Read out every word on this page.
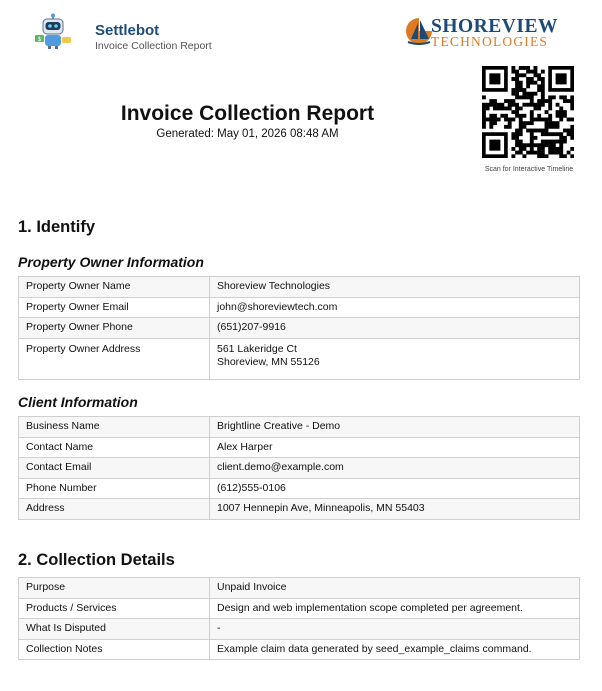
$
Settlebot
Invoice Collection Report
SHOREVIEW
TECHNOLOGIES
Invoice Collection Report
Generated: May 01, 2026 08:48 AM
Scan for Interactive Timeline
1. Identify
Property Owner Information
Property Owner Name	Shoreview Technologies
Property Owner Email	john@shoreviewtech.com
Property Owner Phone	(651)207-9916
Property Owner Address	561 Lakeridge Ct
Shoreview, MN 55126
Client Information
Business Name	Brightline Creative - Demo
Contact Name	Alex Harper
Contact Email	client.demo@example.com
Phone Number	(612)555-0106
Address	1007 Hennepin Ave, Minneapolis, MN 55403
2. Collection Details
Purpose	Unpaid Invoice
Products / Services	Design and web implementation scope completed per agreement.
What Is Disputed	-
Collection Notes	Example claim data generated by seed_example_claims command.
